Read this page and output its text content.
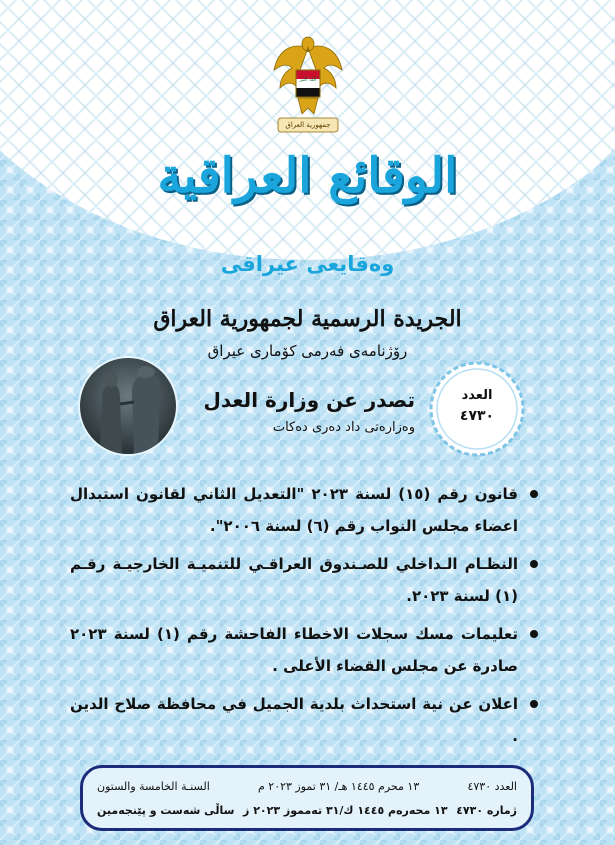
الله أكبر
جمهورية العراق
الوقائع العراقية
وەقایعی عیراقی
الجريدة الرسمية لجمهورية العراق
رۆژنامەی فەرمی کۆماری عیراق
تصدر عن وزارة العدل
وەزارەتی داد دەری دەکات
العدد
٤٧٣٠
قانون رقم (١٥) لسنة ٢٠٢٣ "التعديل الثاني لقانون استبدال اعضاء مجلس النواب رقم (٦) لسنة ٢٠٠٦".
النظـام الـداخلي للصـندوق العراقـي للتنميـة الخارجيـة رقـم (١) لسنة ٢٠٢٣.
تعليمات مسك سجلات الاخطاء الفاحشة رقم (١) لسنة ٢٠٢٣ صادرة عن مجلس القضاء الأعلى .
اعلان عن نية استحداث بلدية الجميل في محافظة صلاح الدين .
العدد ٤٧٣٠
١٣ محرم ١٤٤٥ هـ/ ٣١ تموز ٢٠٢٣ م
السنـة الخامسة والستون
ژمارە ٤٧٣٠
١٣ محەرەم ١٤٤٥ ك/٣١ تەمموز ٢٠٢٣ ز
ساڵی شەست و پێنجەمین
